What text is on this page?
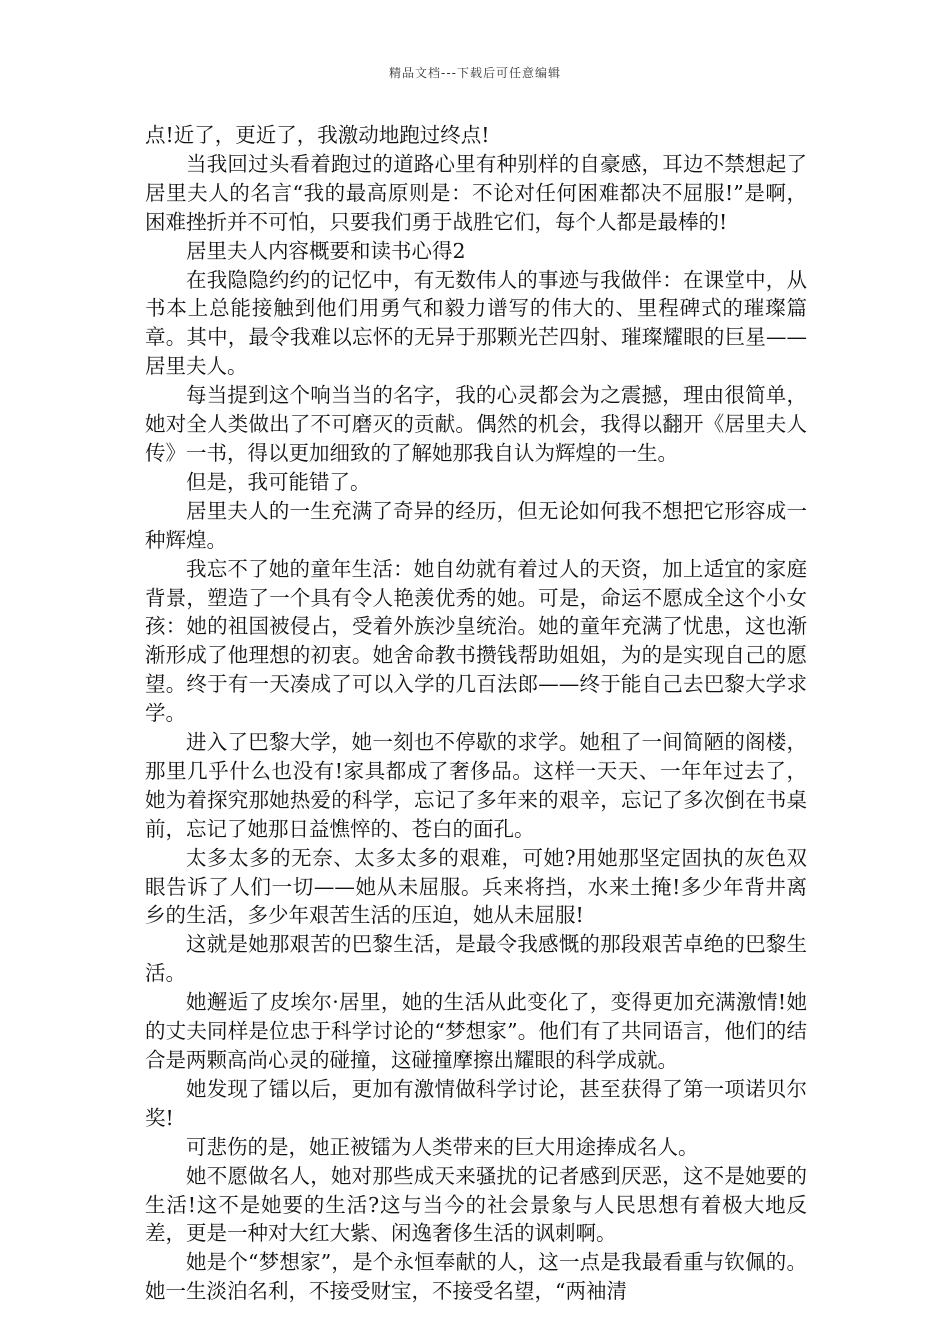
精品文档---下载后可任意编辑

点!近了，更近了，我激动地跑过终点!

当我回过头看着跑过的道路心里有种别样的自豪感，耳边不禁想起了居里夫人的名言“我的最高原则是：不论对任何困难都决不屈服!”是啊，困难挫折并不可怕，只要我们勇于战胜它们，每个人都是最棒的!

居里夫人内容概要和读书心得2

在我隐隐约约的记忆中，有无数伟人的事迹与我做伴：在课堂中，从书本上总能接触到他们用勇气和毅力谱写的伟大的、里程碑式的璀璨篇章。其中，最令我难以忘怀的无异于那颗光芒四射、璀璨耀眼的巨星——居里夫人。

每当提到这个响当当的名字，我的心灵都会为之震撼，理由很简单，她对全人类做出了不可磨灭的贡献。偶然的机会，我得以翻开《居里夫人传》一书，得以更加细致的了解她那我自认为辉煌的一生。

但是，我可能错了。

居里夫人的一生充满了奇异的经历，但无论如何我不想把它形容成一种辉煌。

我忘不了她的童年生活：她自幼就有着过人的天资，加上适宜的家庭背景，塑造了一个具有令人艳羡优秀的她。可是，命运不愿成全这个小女孩：她的祖国被侵占，受着外族沙皇统治。她的童年充满了忧患，这也渐渐形成了他理想的初衷。她舍命教书攒钱帮助姐姐，为的是实现自己的愿望。终于有一天凑成了可以入学的几百法郎——终于能自己去巴黎大学求学。

进入了巴黎大学，她一刻也不停歇的求学。她租了一间简陋的阁楼，那里几乎什么也没有!家具都成了奢侈品。这样一天天、一年年过去了，她为着探究那她热爱的科学，忘记了多年来的艰辛，忘记了多次倒在书桌前，忘记了她那日益憔悴的、苍白的面孔。

太多太多的无奈、太多太多的艰难，可她?用她那坚定固执的灰色双眼告诉了人们一切——她从未屈服。兵来将挡，水来土掩!多少年背井离乡的生活，多少年艰苦生活的压迫，她从未屈服!

这就是她那艰苦的巴黎生活，是最令我感慨的那段艰苦卓绝的巴黎生活。

她邂逅了皮埃尔·居里，她的生活从此变化了，变得更加充满激情!她的丈夫同样是位忠于科学讨论的“梦想家”。他们有了共同语言，他们的结合是两颗高尚心灵的碰撞，这碰撞摩擦出耀眼的科学成就。

她发现了镭以后，更加有激情做科学讨论，甚至获得了第一项诺贝尔奖!

可悲伤的是，她正被镭为人类带来的巨大用途捧成名人。

她不愿做名人，她对那些成天来骚扰的记者感到厌恶，这不是她要的生活!这不是她要的生活?这与当今的社会景象与人民思想有着极大地反差，更是一种对大红大紫、闲逸奢侈生活的讽刺啊。

她是个“梦想家”，是个永恒奉献的人，这一点是我最看重与钦佩的。她一生淡泊名利，不接受财宝，不接受名望，“两袖清
